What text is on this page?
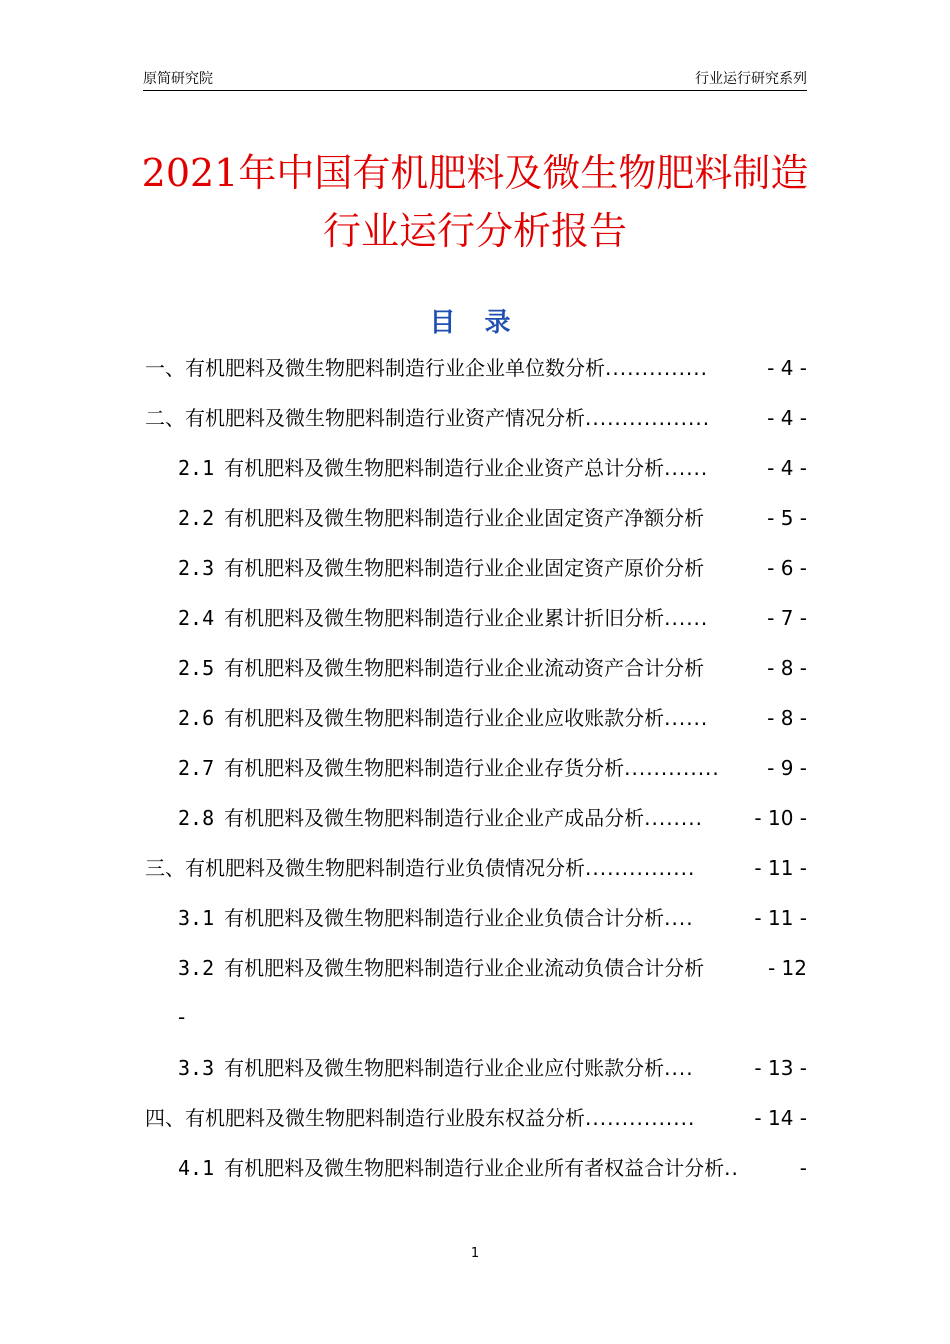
原简研究院	行业运行研究系列
2021年中国有机肥料及微生物肥料制造
行业运行分析报告
目 录
一、有机肥料及微生物肥料制造行业企业单位数分析..............	- 4 -
二、有机肥料及微生物肥料制造行业资产情况分析.................	- 4 -
2.1 有机肥料及微生物肥料制造行业企业资产总计分析......	- 4 -
2.2 有机肥料及微生物肥料制造行业企业固定资产净额分析	- 5 -
2.3 有机肥料及微生物肥料制造行业企业固定资产原价分析	- 6 -
2.4 有机肥料及微生物肥料制造行业企业累计折旧分析......	- 7 -
2.5 有机肥料及微生物肥料制造行业企业流动资产合计分析	- 8 -
2.6 有机肥料及微生物肥料制造行业企业应收账款分析......	- 8 -
2.7 有机肥料及微生物肥料制造行业企业存货分析............. - 9 -
2.8 有机肥料及微生物肥料制造行业企业产成品分析........	- 10 -
三、有机肥料及微生物肥料制造行业负债情况分析...............	- 11 -
3.1 有机肥料及微生物肥料制造行业企业负债合计分析....	- 11 -
3.2 有机肥料及微生物肥料制造行业企业流动负债合计分析	- 12
3.3 有机肥料及微生物肥料制造行业企业应付账款分析....	- 13 -
四、有机肥料及微生物肥料制造行业股东权益分析...............	- 14 -
4.1 有机肥料及微生物肥料制造行业企业所有者权益合计分析..	-
-
1
